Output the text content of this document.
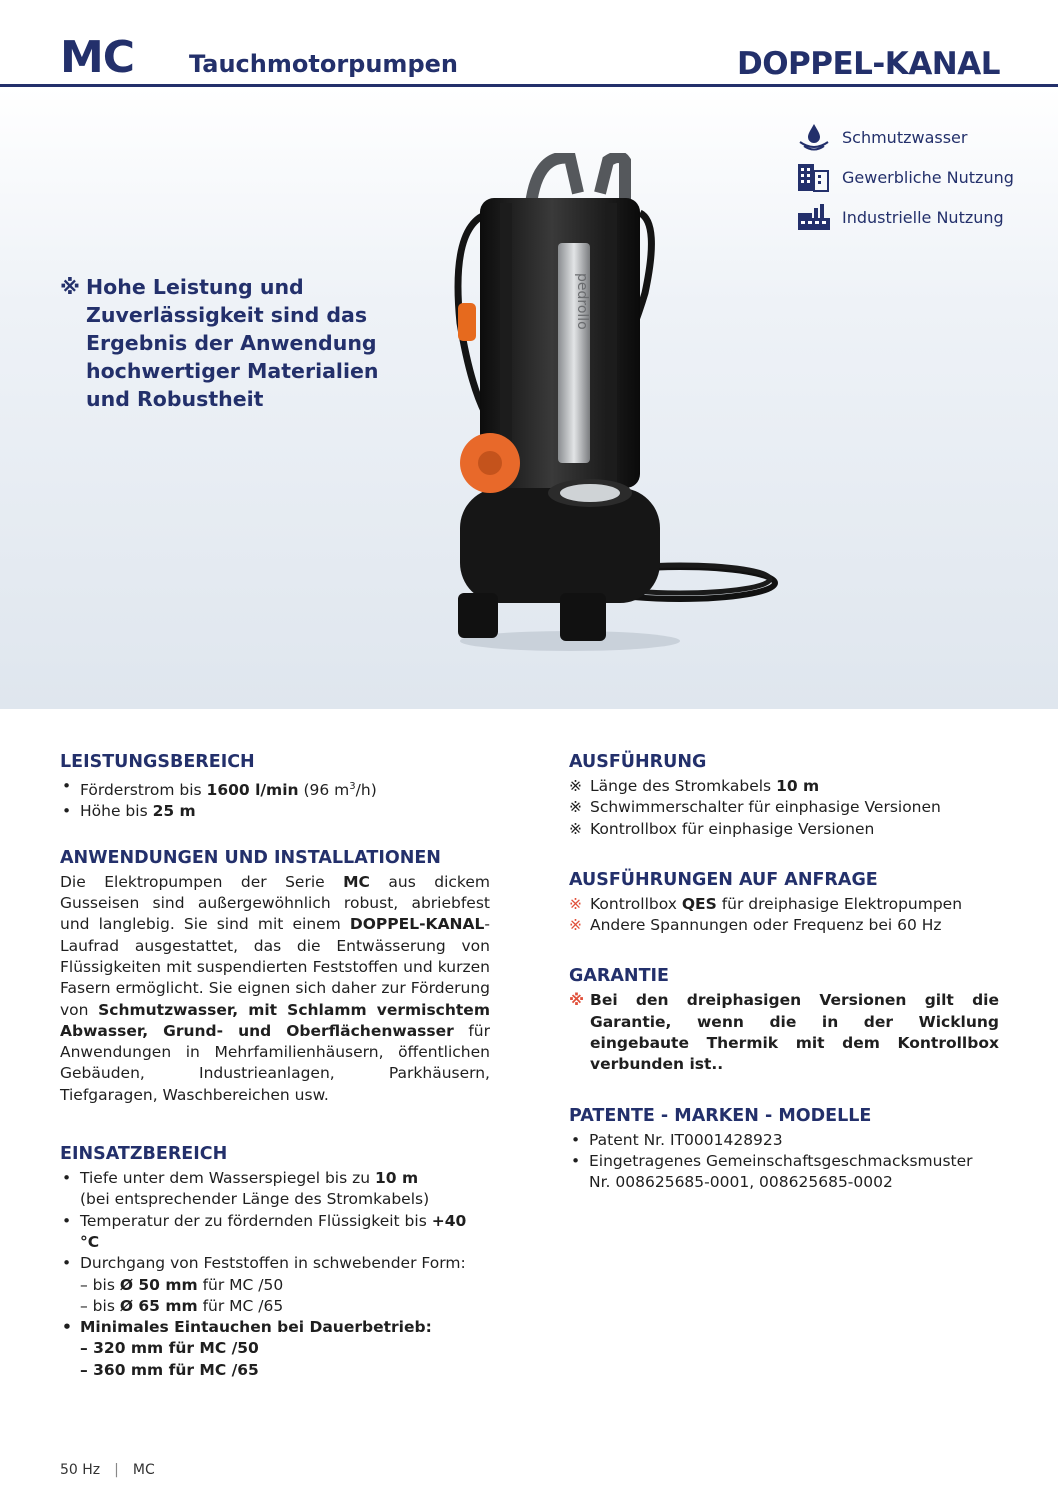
MC Tauchmotorpumpen	DOPPEL-KANAL
Schmutzwasser
Gewerbliche Nutzung
Industrielle Nutzung
※ Hohe Leistung und Zuverlässigkeit sind das Ergebnis der Anwendung hochwertiger Materialien und Robustheit
pedrollo
LEISTUNGSBEREICH
• Förderstrom bis 1600 l/min (96 $m^3/h$)
• Höhe bis 25 m
ANWENDUNGEN UND INSTALLATIONEN
Die Elektropumpen der Serie MC aus dickem Gusseisen sind außergewöhnlich robust, abriebfest und langlebig. Sie sind mit einem DOPPEL-KANAL-Laufrad ausgestattet, das die Entwässerung von Flüssigkeiten mit suspendierten Feststoffen und kurzen Fasern ermöglicht. Sie eignen sich daher zur Förderung von Schmutzwasser, mit Schlamm vermischtem Abwasser, Grund- und Oberflächenwasser für Anwendungen in Mehrfamilienhäusern, öffentlichen Gebäuden, Industrieanlagen, Parkhäusern, Tiefgaragen, Waschbereichen usw.
EINSATZBEREICH
• Tiefe unter dem Wasserspiegel bis zu 10 m
(bei entsprechender Länge des Stromkabels)
• Temperatur der zu fördernden Flüssigkeit bis +40 °C
• Durchgang von Feststoffen in schwebender Form:
– bis Ø 50 mm für MC /50
– bis Ø 65 mm für MC /65
• Minimales Eintauchen bei Dauerbetrieb:
– 320 mm für MC /50
– 360 mm für MC /65
AUSFÜHRUNG
※ Länge des Stromkabels 10 m
※ Schwimmerschalter für einphasige Versionen
※ Kontrollbox für einphasige Versionen
AUSFÜHRUNGEN AUF ANFRAGE
※ Kontrollbox QES für dreiphasige Elektropumpen
※ Andere Spannungen oder Frequenz bei 60 Hz
GARANTIE
※ Bei den dreiphasigen Versionen gilt die Garantie, wenn die in der Wicklung eingebaute Thermik mit dem Kontrollbox verbunden ist..
PATENTE - MARKEN - MODELLE
• Patent Nr. IT0001428923
• Eingetragenes Gemeinschaftsgeschmacksmuster
Nr. 008625685-0001, 008625685-0002
50 Hz | MC
